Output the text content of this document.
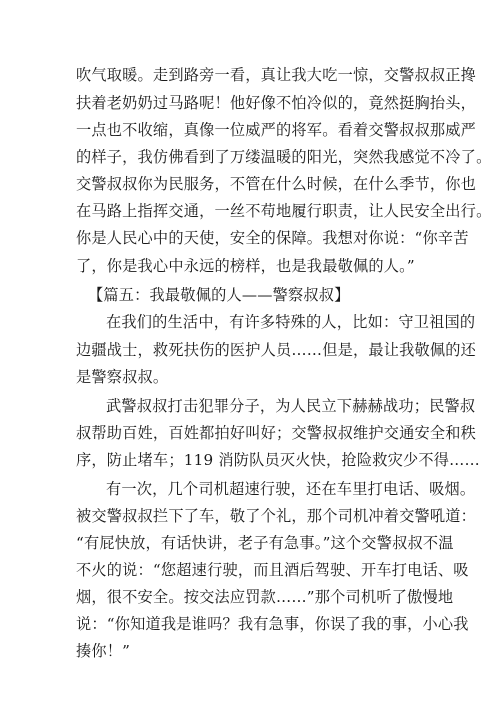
吹气取暖。走到路旁一看，真让我大吃一惊，交警叔叔正搀
扶着老奶奶过马路呢！他好像不怕冷似的，竟然挺胸抬头，
一点也不收缩，真像一位威严的将军。看着交警叔叔那威严
的样子，我仿佛看到了万缕温暖的阳光，突然我感觉不冷了。
交警叔叔你为民服务，不管在什么时候，在什么季节，你也
在马路上指挥交通，一丝不苟地履行职责，让人民安全出行。
你是人民心中的天使，安全的保障。我想对你说：“你辛苦
了，你是我心中永远的榜样，也是我最敬佩的人。”
【篇五：我最敬佩的人——警察叔叔】
在我们的生活中，有许多特殊的人，比如：守卫祖国的
边疆战士，救死扶伤的医护人员……但是，最让我敬佩的还
是警察叔叔。
武警叔叔打击犯罪分子，为人民立下赫赫战功；民警叔
叔帮助百姓，百姓都拍好叫好；交警叔叔维护交通安全和秩
序，防止堵车；119 消防队员灭火快，抢险救灾少不得……
有一次，几个司机超速行驶，还在车里打电话、吸烟。
被交警叔叔拦下了车，敬了个礼，那个司机冲着交警吼道：
“有屁快放，有话快讲，老子有急事。”这个交警叔叔不温
不火的说：“您超速行驶，而且酒后驾驶、开车打电话、吸
烟，很不安全。按交法应罚款……”那个司机听了傲慢地
说：“你知道我是谁吗？我有急事，你误了我的事，小心我
揍你！”
